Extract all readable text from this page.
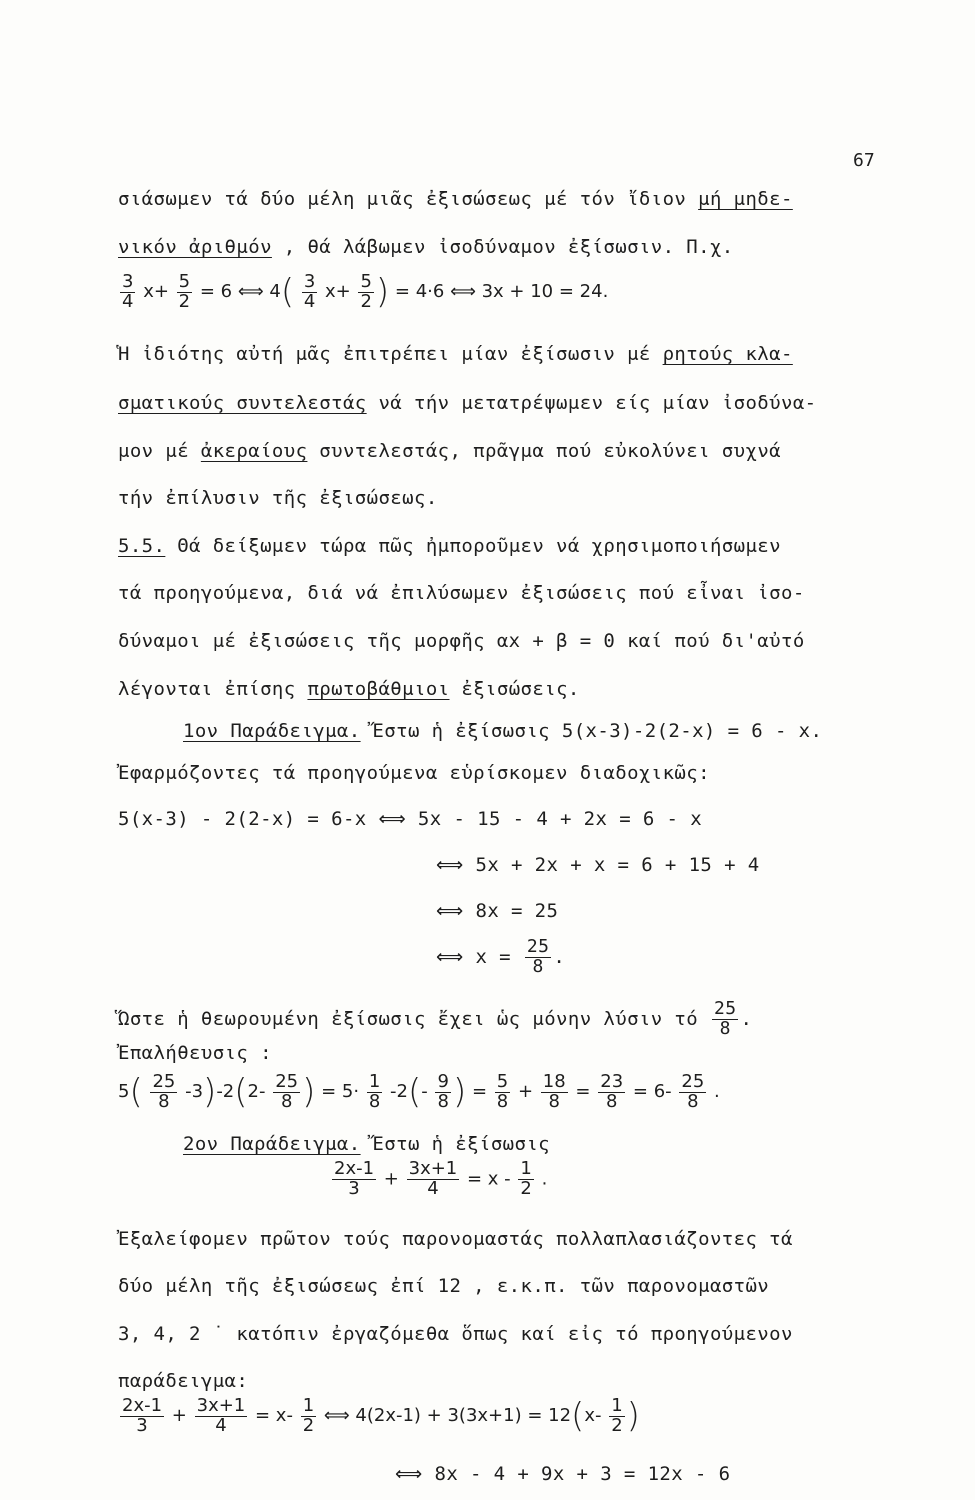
67
σιάσωμεν τά δύο μέλη μιᾶς ἐξισώσεως μέ τόν ἴδιον μή μηδε-
νικόν ἀριθμόν , θά λάβωμεν ἰσοδύναμον ἐξίσωσιν. Π.χ.
$\frac{3}{4} x+ \frac{5}{2} = 6$ ⟺ $4( \frac{3}{4} x+ \frac{5}{2}$ ) = 4·6 ⟺ 3x + 10 = 24.
Ἡ ἰδιότης αὐτή μᾶς ἐπιτρέπει μίαν ἐξίσωσιν μέ ρητούς κλα-
σματικούς συντελεστάς νά τήν μετατρέψωμεν είς μίαν ἰσοδύνα-
μον μέ ἀκεραίους συντελεστάς, πρᾶγμα πού εὐκολύνει συχνά
τήν ἐπίλυσιν τῆς ἐξισώσεως.
5.5. Θά δείξωμεν τώρα πῶς ἠμποροῦμεν νά χρησιμοποιήσωμεν
τά προηγούμενα, διά νά ἐπιλύσωμεν ἐξισώσεις πού εἶναι ἰσο-
δύναμοι μέ ἐξισώσεις τῆς μορφῆς αx + β = 0 καί πού δι'αὐτό
λέγονται ἐπίσης πρωτοβάθμιοι ἐξισώσεις.
1ον Παράδειγμα. Ἔστω ἡ ἐξίσωσις 5(x-3)-2(2-x) = 6 - x.
Ἐφαρμόζοντες τά προηγούμενα εὑρίσκομεν διαδοχικῶς:
5(x-3) - 2(2-x) = 6-x ⟺ 5x - 15 - 4 + 2x = 6 - x
⟺ 5x + 2x + x = 6 + 15 + 4
⟺ 8x = 25
⟺ $x = \frac{25}{8}$ .
Ὥστε ἡ θεωρουμένη ἐξίσωσις ἔχει ὡς μόνην λύσιν τό $\frac{25}{8}$ .
Ἐπαλήθευσις :
$5( \frac{25}{8} -3)-2(2- \frac{25}{8}$ ) = $5\cdot \frac{1}{8} -2(- \frac{9}{8}$ ) = $\frac{5}{8} + \frac{18}{8} = \frac{23}{8} = 6- \frac{25}{8}$ .
2ον Παράδειγμα. Ἔστω ἡ ἐξίσωσις
$\frac{2x-1}{3} + \frac{3x+1}{4} = x - \frac{1}{2}$ .
Ἐξαλείφομεν πρῶτον τούς παρονομαστάς πολλαπλασιάζοντες τά
δύο μέλη τῆς ἐξισώσεως ἐπί 12 , ε.κ.π. τῶν παρονομαστῶν
3, 4, 2 ˙ κατόπιν ἐργαζόμεθα ὅπως καί εἰς τό προηγούμενον
παράδειγμα:
$\frac{2x-1}{3} + \frac{3x+1}{4} = x- \frac{1}{2}$ ⟺ $4(2x-1) + 3(3x+1) = 12(x- \frac{1}{2}$ )
⟺ 8x - 4 + 9x + 3 = 12x - 6
